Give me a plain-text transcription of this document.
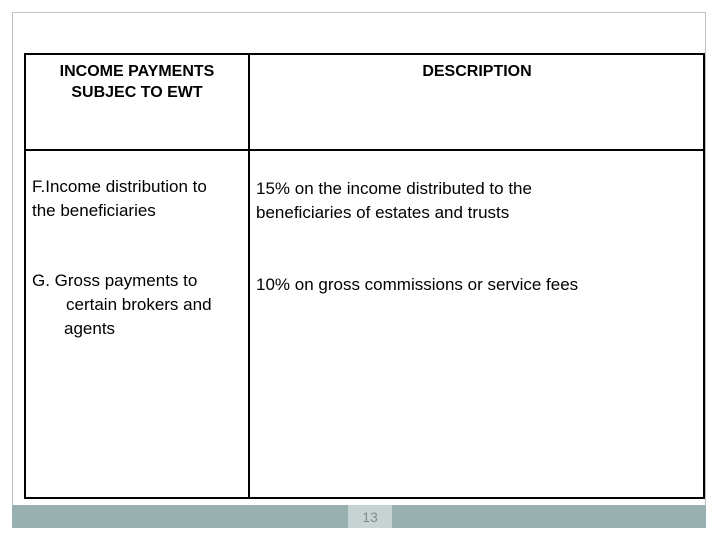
INCOME PAYMENTS SUBJEC TO EWT
DESCRIPTION
F.Income distribution to
the beneficiaries
15% on the income distributed to the
beneficiaries of estates and trusts
G. Gross payments to
certain brokers and
agents
10% on gross commissions or service fees
13
